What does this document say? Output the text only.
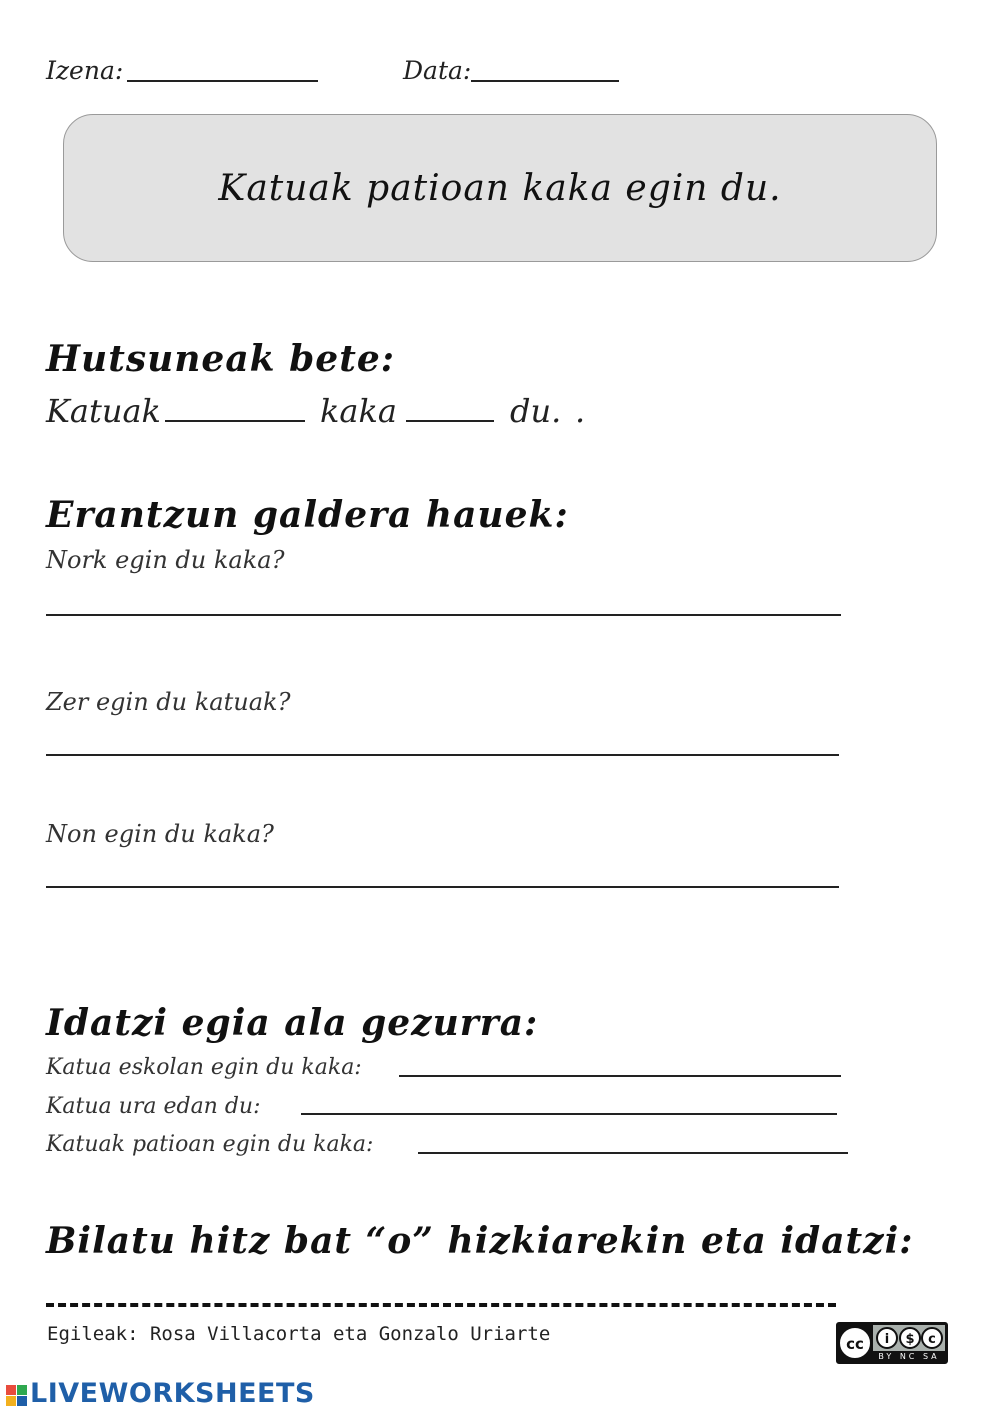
Izena:	Data:
Katuak patioan kaka egin du.
Hutsuneak bete:
Katuak	kaka	du. .
Erantzun galdera hauek:
Nork egin du kaka?
Zer egin du katuak?
Non egin du kaka?
Idatzi egia ala gezurra:
Katua eskolan egin du kaka:
Katua ura edan du:
Katuak patioan egin du kaka:
Bilatu hitz bat “o” hizkiarekin eta idatzi:
Egileak: Rosa Villacorta eta Gonzalo Uriarte	cc i $ c
BY NC SA
LIVEWORKSHEETS
